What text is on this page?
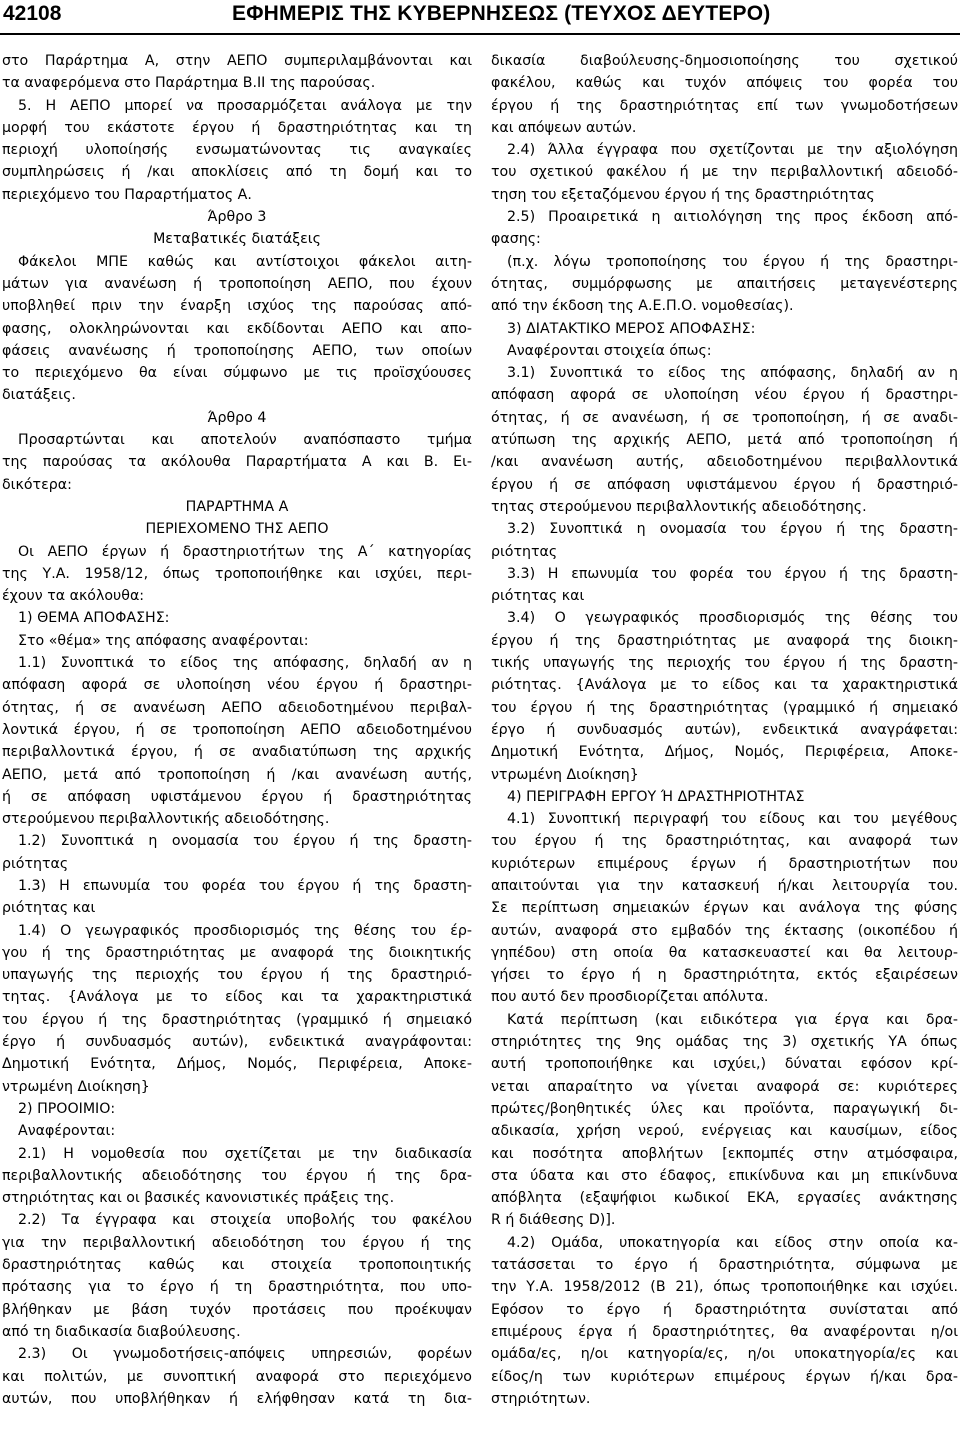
42108	ΕΦΗΜΕΡΙΣ ΤΗΣ ΚΥΒΕΡΝΗΣΕΩΣ (ΤΕΥΧΟΣ ΔΕΥΤΕΡΟ)
στο Παράρτημα Α, στην ΑΕΠΟ συμπεριλαμβάνονται και
τα αναφερόμενα στο Παράρτημα Β.ΙΙ της παρούσας.
5. Η ΑΕΠΟ μπορεί να προσαρμόζεται ανάλογα με την
μορφή του εκάστοτε έργου ή δραστηριότητας και τη
περιοχή υλοποίησής ενσωματώνοντας τις αναγκαίες
συμπληρώσεις ή /και αποκλίσεις από τη δομή και το
περιεχόμενο του Παραρτήματος Α.
Άρθρο 3
Μεταβατικές διατάξεις
Φάκελοι ΜΠΕ καθώς και αντίστοιχοι φάκελοι αιτη-
μάτων για ανανέωση ή τροποποίηση ΑΕΠΟ, που έχουν
υποβληθεί πριν την έναρξη ισχύος της παρούσας από-
φασης, ολοκληρώνονται και εκδίδονται ΑΕΠΟ και απο-
φάσεις ανανέωσης ή τροποποίησης ΑΕΠΟ, των οποίων
το περιεχόμενο θα είναι σύμφωνο με τις προϊσχύουσες
διατάξεις.
Άρθρο 4
Προσαρτώνται και αποτελούν αναπόσπαστο τμήμα
της παρούσας τα ακόλουθα Παραρτήματα Α και Β. Ει-
δικότερα:
ΠΑΡΑΡΤΗΜΑ Α
ΠΕΡΙΕΧΟΜΕΝΟ ΤΗΣ ΑΕΠΟ
Οι ΑΕΠΟ έργων ή δραστηριοτήτων της Α΄ κατηγορίας
της Υ.Α. 1958/12, όπως τροποποιήθηκε και ισχύει, περι-
έχουν τα ακόλουθα:
1) ΘΕΜΑ ΑΠΟΦΑΣΗΣ:
Στο «θέμα» της απόφασης αναφέρονται:
1.1) Συνοπτικά το είδος της απόφασης, δηλαδή αν η
απόφαση αφορά σε υλοποίηση νέου έργου ή δραστηρι-
ότητας, ή σε ανανέωση ΑΕΠΟ αδειοδοτημένου περιβαλ-
λοντικά έργου, ή σε τροποποίηση ΑΕΠΟ αδειοδοτημένου
περιβαλλοντικά έργου, ή σε αναδιατύπωση της αρχικής
ΑΕΠΟ, μετά από τροποποίηση ή /και ανανέωση αυτής,
ή σε απόφαση υφιστάμενου έργου ή δραστηριότητας
στερούμενου περιβαλλοντικής αδειοδότησης.
1.2) Συνοπτικά η ονομασία του έργου ή της δραστη-
ριότητας
1.3) Η επωνυμία του φορέα του έργου ή της δραστη-
ριότητας και
1.4) Ο γεωγραφικός προσδιορισμός της θέσης του έρ-
γου ή της δραστηριότητας με αναφορά της διοικητικής
υπαγωγής της περιοχής του έργου ή της δραστηριό-
τητας. {Ανάλογα με το είδος και τα χαρακτηριστικά
του έργου ή της δραστηριότητας (γραμμικό ή σημειακό
έργο ή συνδυασμός αυτών), ενδεικτικά αναγράφονται:
Δημοτική Ενότητα, Δήμος, Νομός, Περιφέρεια, Αποκε-
ντρωμένη Διοίκηση}
2) ΠΡΟΟΙΜΙΟ:
Αναφέρονται:
2.1) Η νομοθεσία που σχετίζεται με την διαδικασία
περιβαλλοντικής αδειοδότησης του έργου ή της δρα-
στηριότητας και οι βασικές κανονιστικές πράξεις της.
2.2) Τα έγγραφα και στοιχεία υποβολής του φακέλου
για την περιβαλλοντική αδειοδότηση του έργου ή της
δραστηριότητας καθώς και στοιχεία τροποποιητικής
πρότασης για το έργο ή τη δραστηριότητα, που υπο-
βλήθηκαν με βάση τυχόν προτάσεις που προέκυψαν
από τη διαδικασία διαβούλευσης.
2.3) Οι γνωμοδοτήσεις-απόψεις υπηρεσιών, φορέων
και πολιτών, με συνοπτική αναφορά στο περιεχόμενο
αυτών, που υποβλήθηκαν ή ελήφθησαν κατά τη δια-
δικασία διαβούλευσης-δημοσιοποίησης του σχετικού
φακέλου, καθώς και τυχόν απόψεις του φορέα του
έργου ή της δραστηριότητας επί των γνωμοδοτήσεων
και απόψεων αυτών.
2.4) Άλλα έγγραφα που σχετίζονται με την αξιολόγηση
του σχετικού φακέλου ή με την περιβαλλοντική αδειοδό-
τηση του εξεταζόμενου έργου ή της δραστηριότητας
2.5) Προαιρετικά η αιτιολόγηση της προς έκδοση από-
φασης:
(π.χ. λόγω τροποποίησης του έργου ή της δραστηρι-
ότητας, συμμόρφωσης με απαιτήσεις μεταγενέστερης
από την έκδοση της Α.Ε.Π.Ο. νομοθεσίας).
3) ΔΙΑΤΑΚΤΙΚΟ ΜΕΡΟΣ ΑΠΟΦΑΣΗΣ:
Αναφέρονται στοιχεία όπως:
3.1) Συνοπτικά το είδος της απόφασης, δηλαδή αν η
απόφαση αφορά σε υλοποίηση νέου έργου ή δραστηρι-
ότητας, ή σε ανανέωση, ή σε τροποποίηση, ή σε αναδι-
ατύπωση της αρχικής ΑΕΠΟ, μετά από τροποποίηση ή
/και ανανέωση αυτής, αδειοδοτημένου περιβαλλοντικά
έργου ή σε απόφαση υφιστάμενου έργου ή δραστηριό-
τητας στερούμενου περιβαλλοντικής αδειοδότησης.
3.2) Συνοπτικά η ονομασία του έργου ή της δραστη-
ριότητας
3.3) Η επωνυμία του φορέα του έργου ή της δραστη-
ριότητας και
3.4) Ο γεωγραφικός προσδιορισμός της θέσης του
έργου ή της δραστηριότητας με αναφορά της διοικη-
τικής υπαγωγής της περιοχής του έργου ή της δραστη-
ριότητας. {Ανάλογα με το είδος και τα χαρακτηριστικά
του έργου ή της δραστηριότητας (γραμμικό ή σημειακό
έργο ή συνδυασμός αυτών), ενδεικτικά αναγράφεται:
Δημοτική Ενότητα, Δήμος, Νομός, Περιφέρεια, Αποκε-
ντρωμένη Διοίκηση}
4) ΠΕΡΙΓΡΑΦΗ ΕΡΓΟΥ Ή ΔΡΑΣΤΗΡΙΟΤΗΤΑΣ
4.1) Συνοπτική περιγραφή του είδους και του μεγέθους
του έργου ή της δραστηριότητας, και αναφορά των
κυριότερων επιμέρους έργων ή δραστηριοτήτων που
απαιτούνται για την κατασκευή ή/και λειτουργία του.
Σε περίπτωση σημειακών έργων και ανάλογα της φύσης
αυτών, αναφορά στο εμβαδόν της έκτασης (οικοπέδου ή
γηπέδου) στη οποία θα κατασκευαστεί και θα λειτουρ-
γήσει το έργο ή η δραστηριότητα, εκτός εξαιρέσεων
που αυτό δεν προσδιορίζεται απόλυτα.
Κατά περίπτωση (και ειδικότερα για έργα και δρα-
στηριότητες της 9ης ομάδας της 3) σχετικής ΥΑ όπως
αυτή τροποποιήθηκε και ισχύει,) δύναται εφόσον κρί-
νεται απαραίτητο να γίνεται αναφορά σε: κυριότερες
πρώτες/βοηθητικές ύλες και προϊόντα, παραγωγική δι-
αδικασία, χρήση νερού, ενέργειας και καυσίμων, είδος
και ποσότητα αποβλήτων [εκπομπές στην ατμόσφαιρα,
στα ύδατα και στο έδαφος, επικίνδυνα και μη επικίνδυνα
απόβλητα (εξαψήφιοι κωδικοί ΕΚΑ, εργασίες ανάκτησης
R ή διάθεσης D)].
4.2) Ομάδα, υποκατηγορία και είδος στην οποία κα-
τατάσσεται το έργο ή δραστηριότητα, σύμφωνα με
την Υ.Α. 1958/2012 (Β 21), όπως τροποποιήθηκε και ισχύει.
Εφόσον το έργο ή δραστηριότητα συνίσταται από
επιμέρους έργα ή δραστηριότητες, θα αναφέρονται η/οι
ομάδα/ες, η/οι κατηγορία/ες, η/οι υποκατηγορία/ες και
είδος/η των κυριότερων επιμέρους έργων ή/και δρα-
στηριότητων.
